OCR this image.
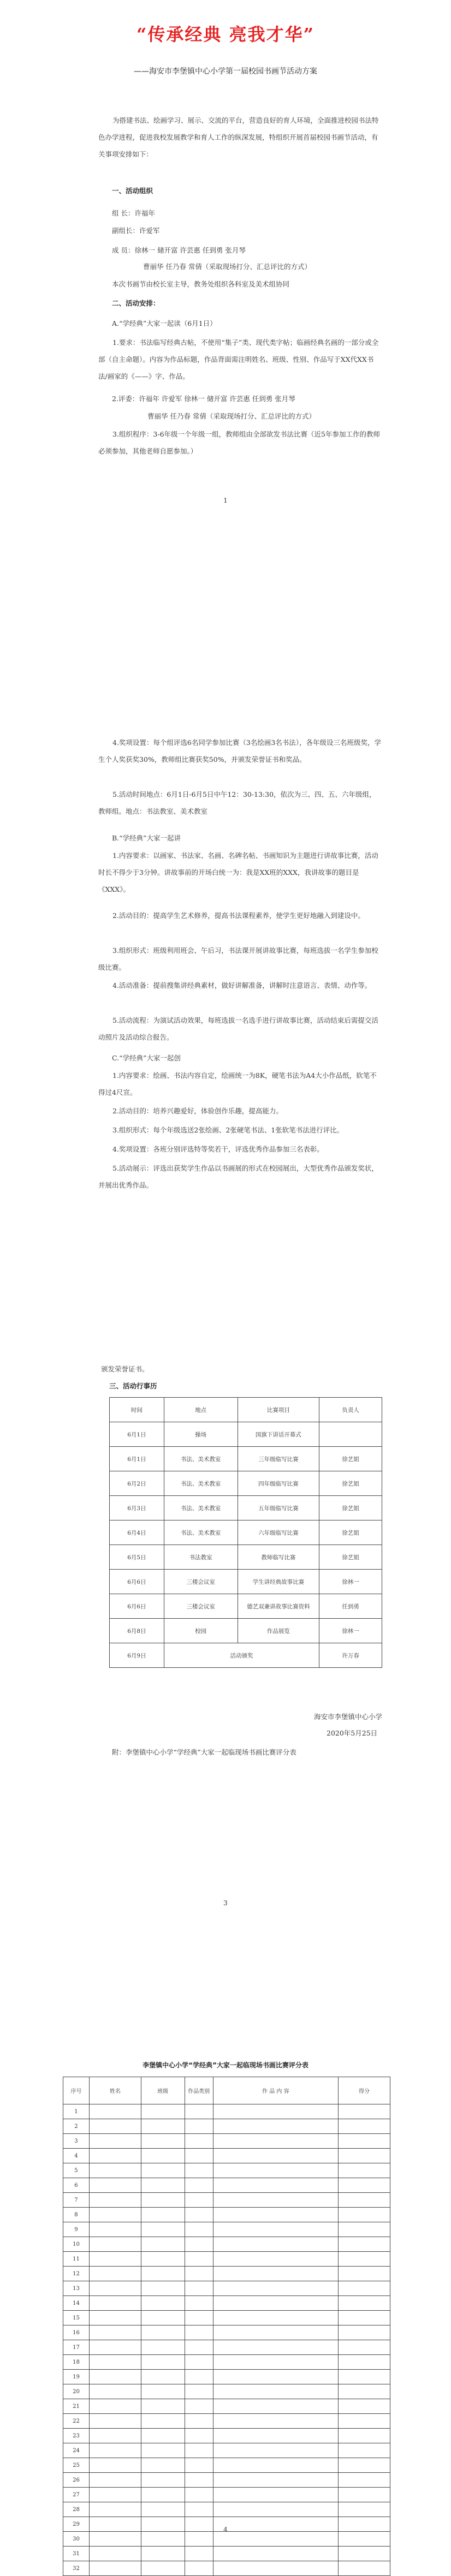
“传承经典 亮我才华”
——海安市李堡镇中心小学第一届校园书画节活动方案
为搭建书法、绘画学习、展示、交流的平台，营造良好的育人环境，全面推进校园书法特色办学进程，促进我校发展教学和育人工作的纵深发展，特组织开展首届校园书画节活动，有关事项安排如下：
一、活动组织
组 长：许福年
副组长：许爱军
成 员：徐林一 储开富 许芸惠 任到勇 张月琴
曹丽华 任乃春 常倩（采取现场打分、汇总评比的方式）
本次书画节由校长室主导，教务处组织各科室及美术组协同
二、活动安排：
A.“学经典”大家一起读（6月1日）
1.要求：书法临写经典古帖，不使用“集子”类、现代类字帖；临画经典名画的一部分或全部（自主命题）。内容为作品标题，作品背面需注明姓名、班级、性别、作品写于XX代XX书法/画家的《——》字、作品。
2.评委：许福年 许爱军 徐林一 储开富 许芸惠 任到勇 张月琴
曹丽华 任乃春 常倩（采取现场打分、汇总评比的方式）
3.组织程序：3-6年级一个年级一组，教师组由全部欲发书法比赛（近5年参加工作的教师必须参加，其他老师自愿参加。）
1
4.奖项设置：每个组评选6名同学参加比赛（3名绘画3名书法），各年级设三名班级奖，学生个人奖获奖30%，教师组比赛获奖50%，并颁发荣誉证书和奖品。
5.活动时间地点：6月1日-6月5日中午12：30-13:30，依次为三、四、五、六年级组，教师组。地点：书法教室、美术教室
B.“学经典”大家一起讲
1.内容要求：以画家、书法家、名画、名碑名帖、书画知识为主题进行讲故事比赛，活动时长不得少于3分钟。讲故事前的开场白统一为：我是XX班的XXX，我讲故事的题目是《XXX》。
2.活动目的：提高学生艺术修养，提高书法课程素养，使学生更好地融入到建设中。
3.组织形式：班级利用班会、午后习，书法课开展讲故事比赛，每班选拔一名学生参加校级比赛。
4.活动准备：提前搜集讲经典素材，做好讲解准备，讲解时注意语言、表情、动作等。
5.活动流程：为演试活动效果，每班选拔一名选手进行讲故事比赛，活动结束后需提交活动照片及活动综合报告。
C.“学经典”大家一起创
1.内容要求：绘画、书法内容自定，绘画统一为8K，硬笔书法为A4大小作品纸，软笔不得过4尺宣。
2.活动目的：培养兴趣爱好，体验创作乐趣，提高能力。
3.组织形式：每个年级选送2张绘画、2张硬笔书法、1张软笔书法进行评比。
4.奖项设置：各班分别评选特等奖若干，评选优秀作品参加三名表彰。
5.活动展示：评选出获奖学生作品以书画展的形式在校园展出，大型优秀作品颁发奖状，并展出优秀作品。
颁发荣誉证书。
三、活动行事历
时间	地点	比赛项目	负责人
6月1日	操场	国旗下讲话开幕式	
6月1日	书法、美术教室	三年级临写比赛	徐艺姐
6月2日	书法、美术教室	四年级临写比赛	徐艺姐
6月3日	书法、美术教室	五年级临写比赛	徐艺姐
6月4日	书法、美术教室	六年级临写比赛	徐艺姐
6月5日	书法教室	教师临写比赛	徐艺姐
6月6日	三楼会议室	学生讲经典故事比赛	徐林一
6月6日	三楼会议室	德艺双兼讲故事比赛资料	任到勇
6月8日	校园	作品展览	徐林一
6月9日	活动颁奖		许万春
海安市李堡镇中心小学
2020年5月25日
附：李堡镇中心小学“学经典”大家一起临现场书画比赛评分表
3
李堡镇中心小学“学经典”大家一起临现场书画比赛评分表
序号	姓名	班级	作品类别	作 品 内 容	得分
1					
2					
3					
4					
5					
6					
7					
8					
9					
10					
11					
12					
13					
14					
15					
16					
17					
18					
19					
20					
21					
22					
23					
24					
25					
26					
27					
28					
29					
30					
31					
32					
4
